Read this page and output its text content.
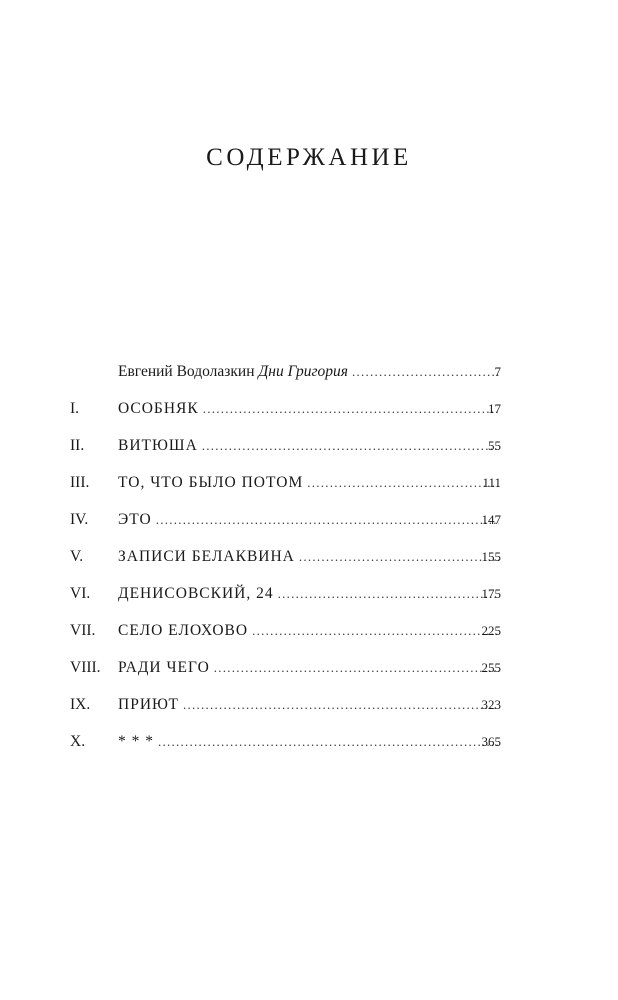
СОДЕРЖАНИЕ
Евгений Водолазкин Дни Григория . . .	7
I.	ОСОБНЯК . . .	17
II.	ВИТЮША . . .	55
III.	ТО, ЧТО БЫЛО ПОТОМ . . .	111
IV.	ЭТО . . .	147
V.	ЗАПИСИ БЕЛАКВИНА . . .	155
VI.	ДЕНИСОВСКИЙ, 24 . . .	175
VII.	СЕЛО ЕЛОХОВО . . .	225
VIII.	РАДИ ЧЕГО . . .	255
IX.	ПРИЮТ . . .	323
X.	* * * . . .	365
